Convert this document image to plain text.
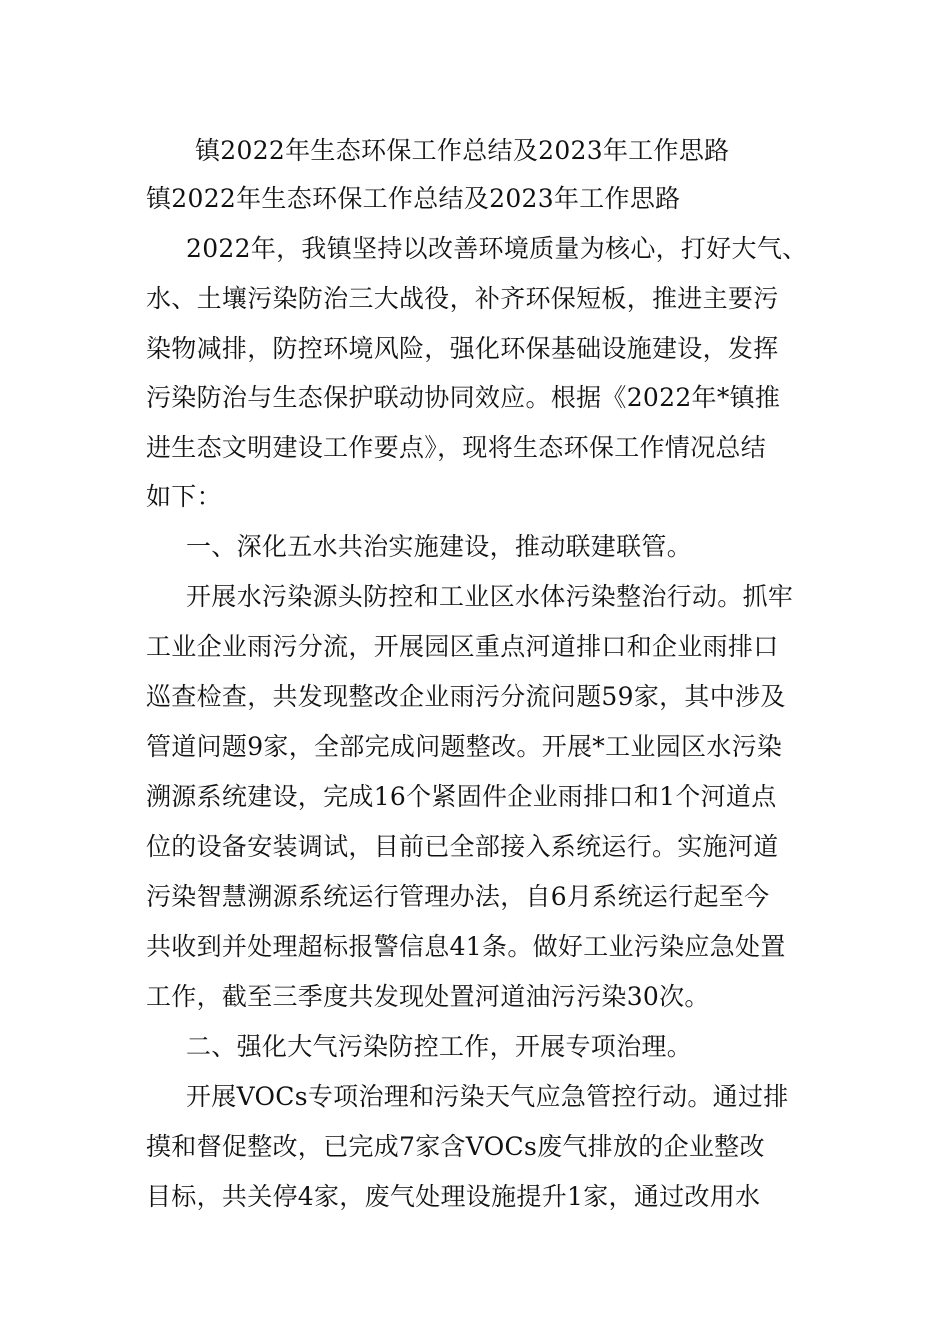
镇2022年生态环保工作总结及2023年工作思路
镇2022年生态环保工作总结及2023年工作思路
2022年，我镇坚持以改善环境质量为核心，打好大气、
水、土壤污染防治三大战役，补齐环保短板，推进主要污
染物减排，防控环境风险，强化环保基础设施建设，发挥
污染防治与生态保护联动协同效应。根据《2022年*镇推
进生态文明建设工作要点》，现将生态环保工作情况总结
如下：
一、深化五水共治实施建设，推动联建联管。
开展水污染源头防控和工业区水体污染整治行动。抓牢
工业企业雨污分流，开展园区重点河道排口和企业雨排口
巡查检查，共发现整改企业雨污分流问题59家，其中涉及
管道问题9家，全部完成问题整改。开展*工业园区水污染
溯源系统建设，完成16个紧固件企业雨排口和1个河道点
位的设备安装调试，目前已全部接入系统运行。实施河道
污染智慧溯源系统运行管理办法，自6月系统运行起至今
共收到并处理超标报警信息41条。做好工业污染应急处置
工作，截至三季度共发现处置河道油污污染30次。
二、强化大气污染防控工作，开展专项治理。
开展VOCs专项治理和污染天气应急管控行动。通过排
摸和督促整改，已完成7家含VOCs废气排放的企业整改
目标，共关停4家，废气处理设施提升1家，通过改用水
